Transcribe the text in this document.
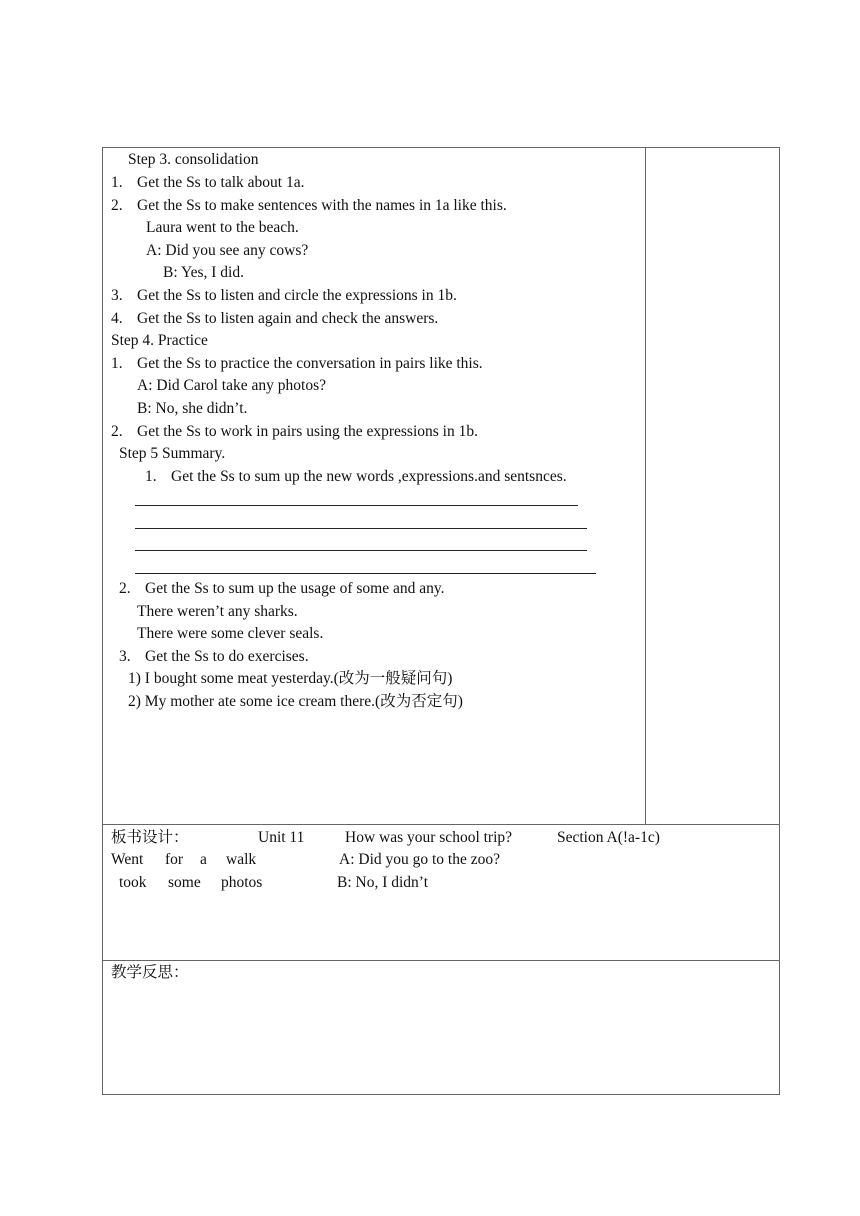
Step 3. consolidation
1. Get the Ss to talk about 1a.
2. Get the Ss to make sentences with the names in 1a like this.
Laura went to the beach.
A: Did you see any cows?
B: Yes, I did.
3. Get the Ss to listen and circle the expressions in 1b.
4. Get the Ss to listen again and check the answers.
Step 4. Practice
1. Get the Ss to practice the conversation in pairs like this.
A: Did Carol take any photos?
B: No, she didn’t.
2. Get the Ss to work in pairs using the expressions in 1b.
Step 5 Summary.
1. Get the Ss to sum up the new words ,expressions.and sentsnces.
2. Get the Ss to sum up the usage of some and any.
There weren’t any sharks.
There were some clever seals.
3. Get the Ss to do exercises.
1) I bought some meat yesterday.(改为一般疑问句)
2) My mother ate some ice cream there.(改为否定句)
板书设计：	Unit 11	How was your school trip?	Section A(!a-1c)
Went for a walk	A: Did you go to the zoo?
took some photos	B: No, I didn’t
教学反思：
